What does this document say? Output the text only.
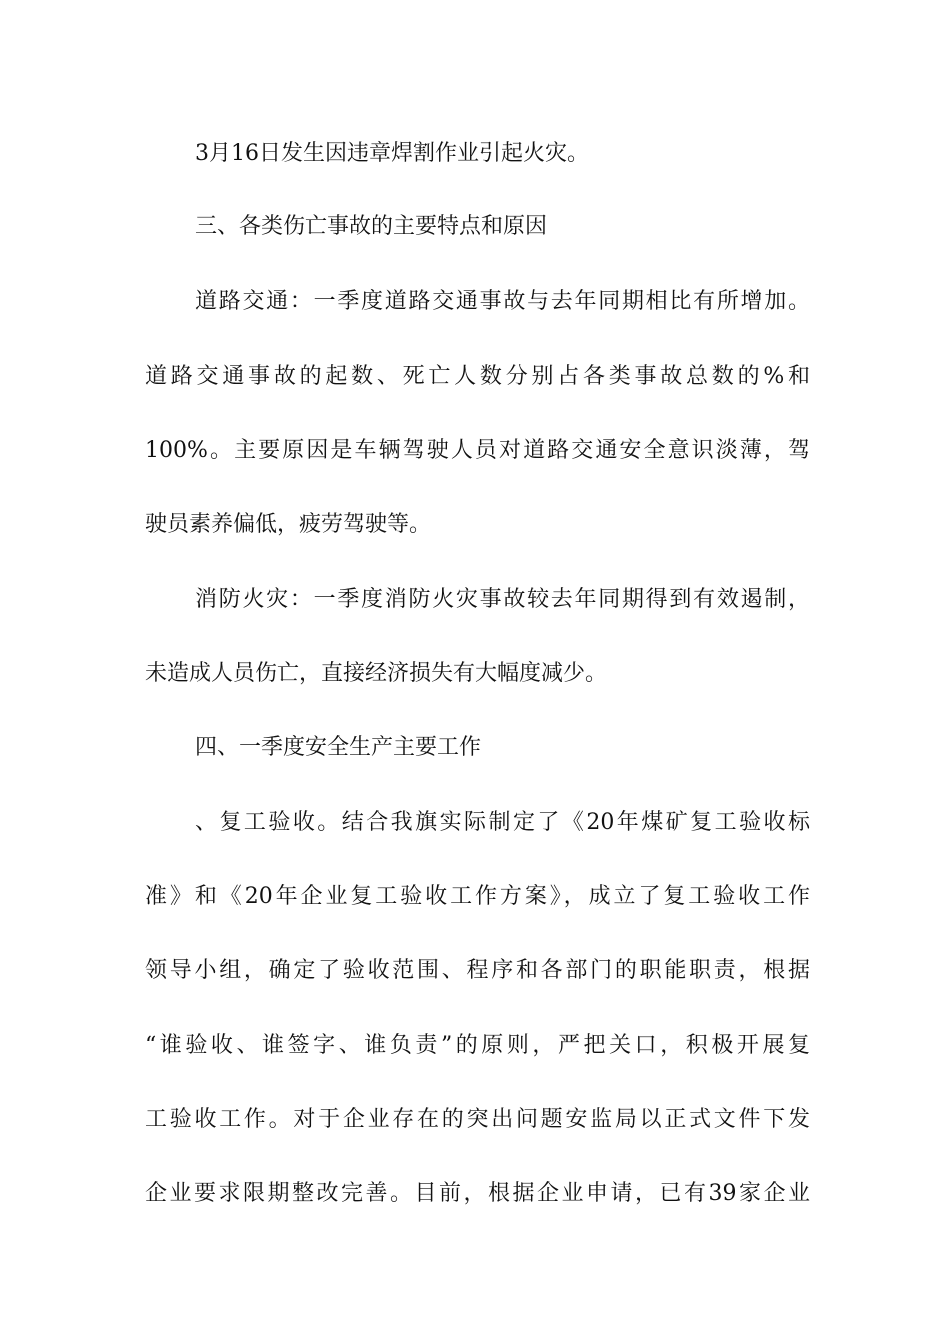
3月16日发生因违章焊割作业引起火灾。
三、各类伤亡事故的主要特点和原因
道路交通：一季度道路交通事故与去年同期相比有所增加。
道路交通事故的起数、死亡人数分别占各类事故总数的%和
100%。主要原因是车辆驾驶人员对道路交通安全意识淡薄，驾
驶员素养偏低，疲劳驾驶等。
消防火灾：一季度消防火灾事故较去年同期得到有效遏制，
未造成人员伤亡，直接经济损失有大幅度减少。
四、一季度安全生产主要工作
、复工验收。结合我旗实际制定了《20年煤矿复工验收标
准》和《20年企业复工验收工作方案》，成立了复工验收工作
领导小组，确定了验收范围、程序和各部门的职能职责，根据
“谁验收、谁签字、谁负责”的原则，严把关口，积极开展复
工验收工作。对于企业存在的突出问题安监局以正式文件下发
企业要求限期整改完善。目前，根据企业申请，已有39家企业
